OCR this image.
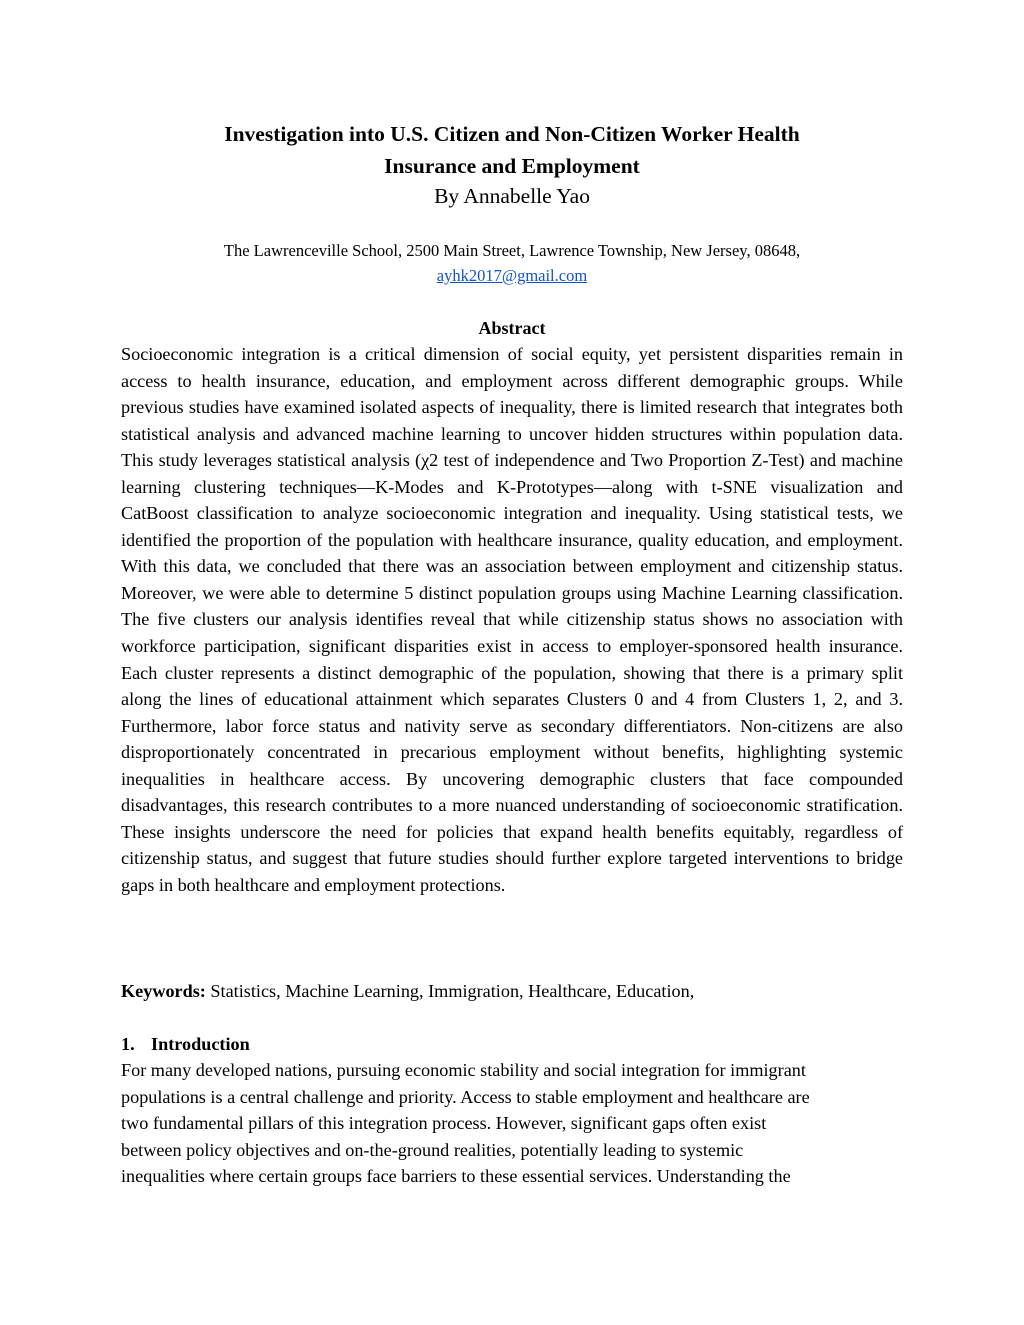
Investigation into U.S. Citizen and Non-Citizen Worker Health
Insurance and Employment

By Annabelle Yao

The Lawrenceville School, 2500 Main Street, Lawrence Township, New Jersey, 08648,
ayhk2017@gmail.com

Abstract

Socioeconomic integration is a critical dimension of social equity, yet persistent disparities remain in access to health insurance, education, and employment across different demographic groups. While previous studies have examined isolated aspects of inequality, there is limited research that integrates both statistical analysis and advanced machine learning to uncover hidden structures within population data. This study leverages statistical analysis (χ2 test of independence and Two Proportion Z-Test) and machine learning clustering techniques—K-Modes and K-Prototypes—along with t-SNE visualization and CatBoost classification to analyze socioeconomic integration and inequality. Using statistical tests, we identified the proportion of the population with healthcare insurance, quality education, and employment. With this data, we concluded that there was an association between employment and citizenship status. Moreover, we were able to determine 5 distinct population groups using Machine Learning classification. The five clusters our analysis identifies reveal that while citizenship status shows no association with workforce participation, significant disparities exist in access to employer-sponsored health insurance. Each cluster represents a distinct demographic of the population, showing that there is a primary split along the lines of educational attainment which separates Clusters 0 and 4 from Clusters 1, 2, and 3. Furthermore, labor force status and nativity serve as secondary differentiators. Non-citizens are also disproportionately concentrated in precarious employment without benefits, highlighting systemic inequalities in healthcare access. By uncovering demographic clusters that face compounded disadvantages, this research contributes to a more nuanced understanding of socioeconomic stratification. These insights underscore the need for policies that expand health benefits equitably, regardless of citizenship status, and suggest that future studies should further explore targeted interventions to bridge gaps in both healthcare and employment protections.

Keywords: Statistics, Machine Learning, Immigration, Healthcare, Education,

1. Introduction

For many developed nations, pursuing economic stability and social integration for immigrant
populations is a central challenge and priority. Access to stable employment and healthcare are
two fundamental pillars of this integration process. However, significant gaps often exist
between policy objectives and on-the-ground realities, potentially leading to systemic
inequalities where certain groups face barriers to these essential services. Understanding the
